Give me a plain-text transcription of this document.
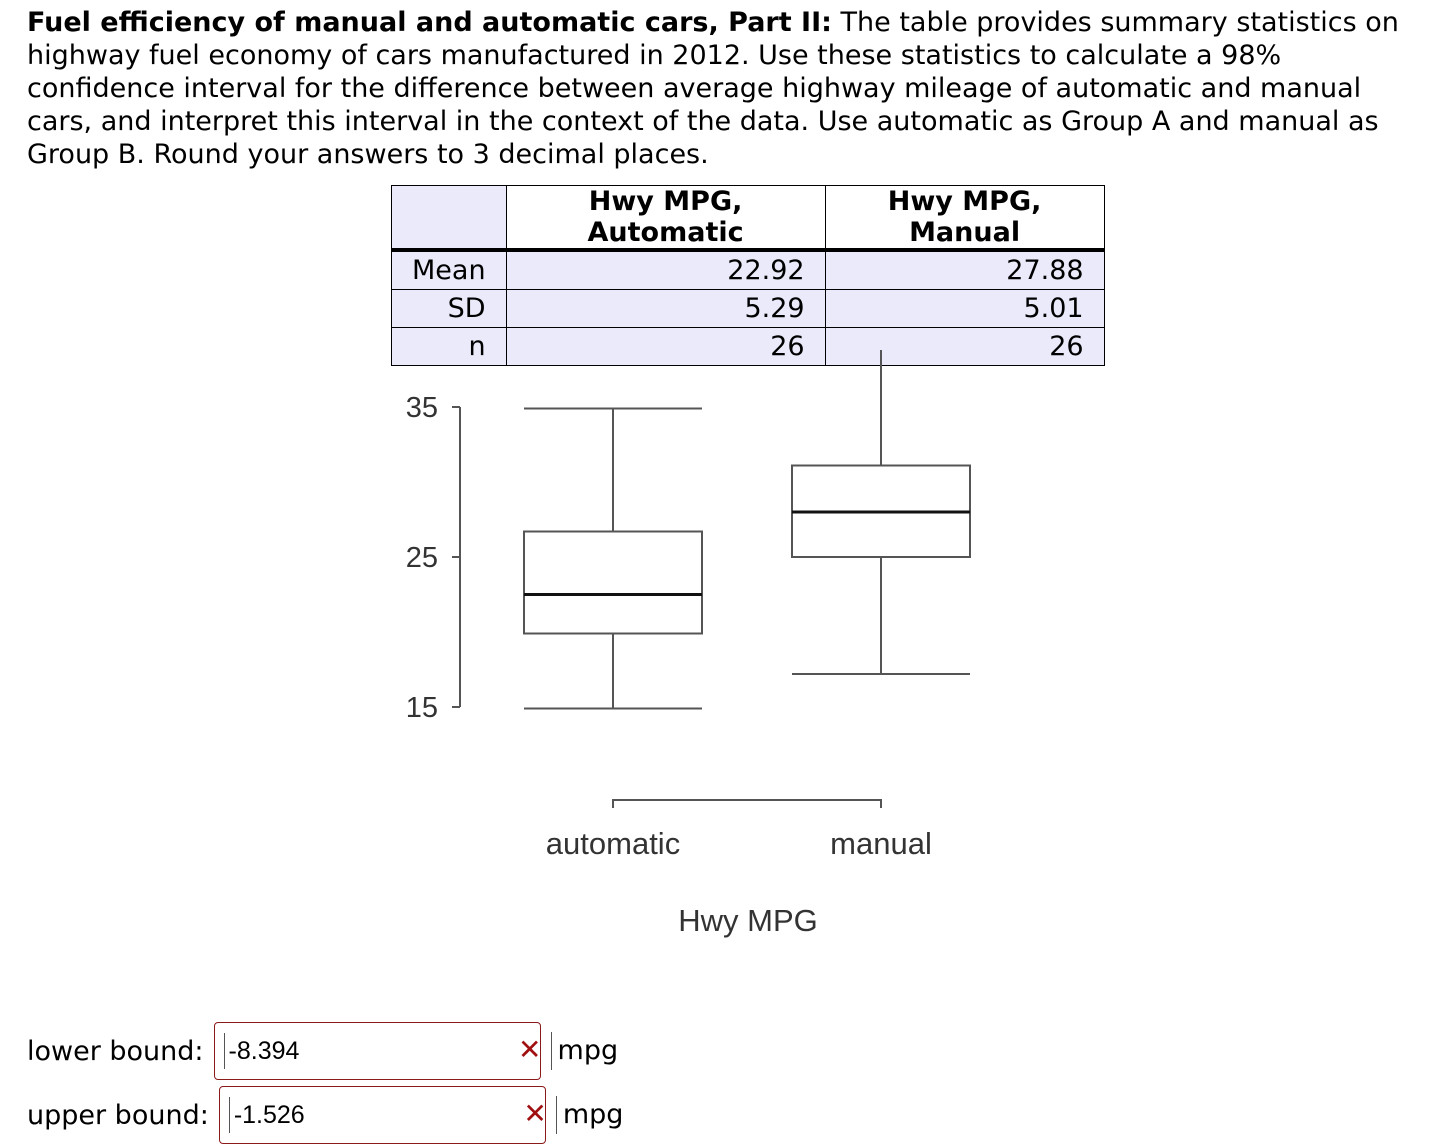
Fuel efficiency of manual and automatic cars, Part II: The table provides summary statistics on highway fuel economy of cars manufactured in 2012. Use these statistics to calculate a 98% confidence interval for the difference between average highway mileage of automatic and manual cars, and interpret this interval in the context of the data. Use automatic as Group A and manual as Group B. Round your answers to 3 decimal places.

	Hwy MPG, Automatic	Hwy MPG, Manual
Mean	22.92	27.88
SD	5.29	5.01
n	26	26
15
25
35
automatic	manual
Hwy MPG
lower bound:
-8.394	✕ mpg
upper bound:
-1.526	✕ mpg
